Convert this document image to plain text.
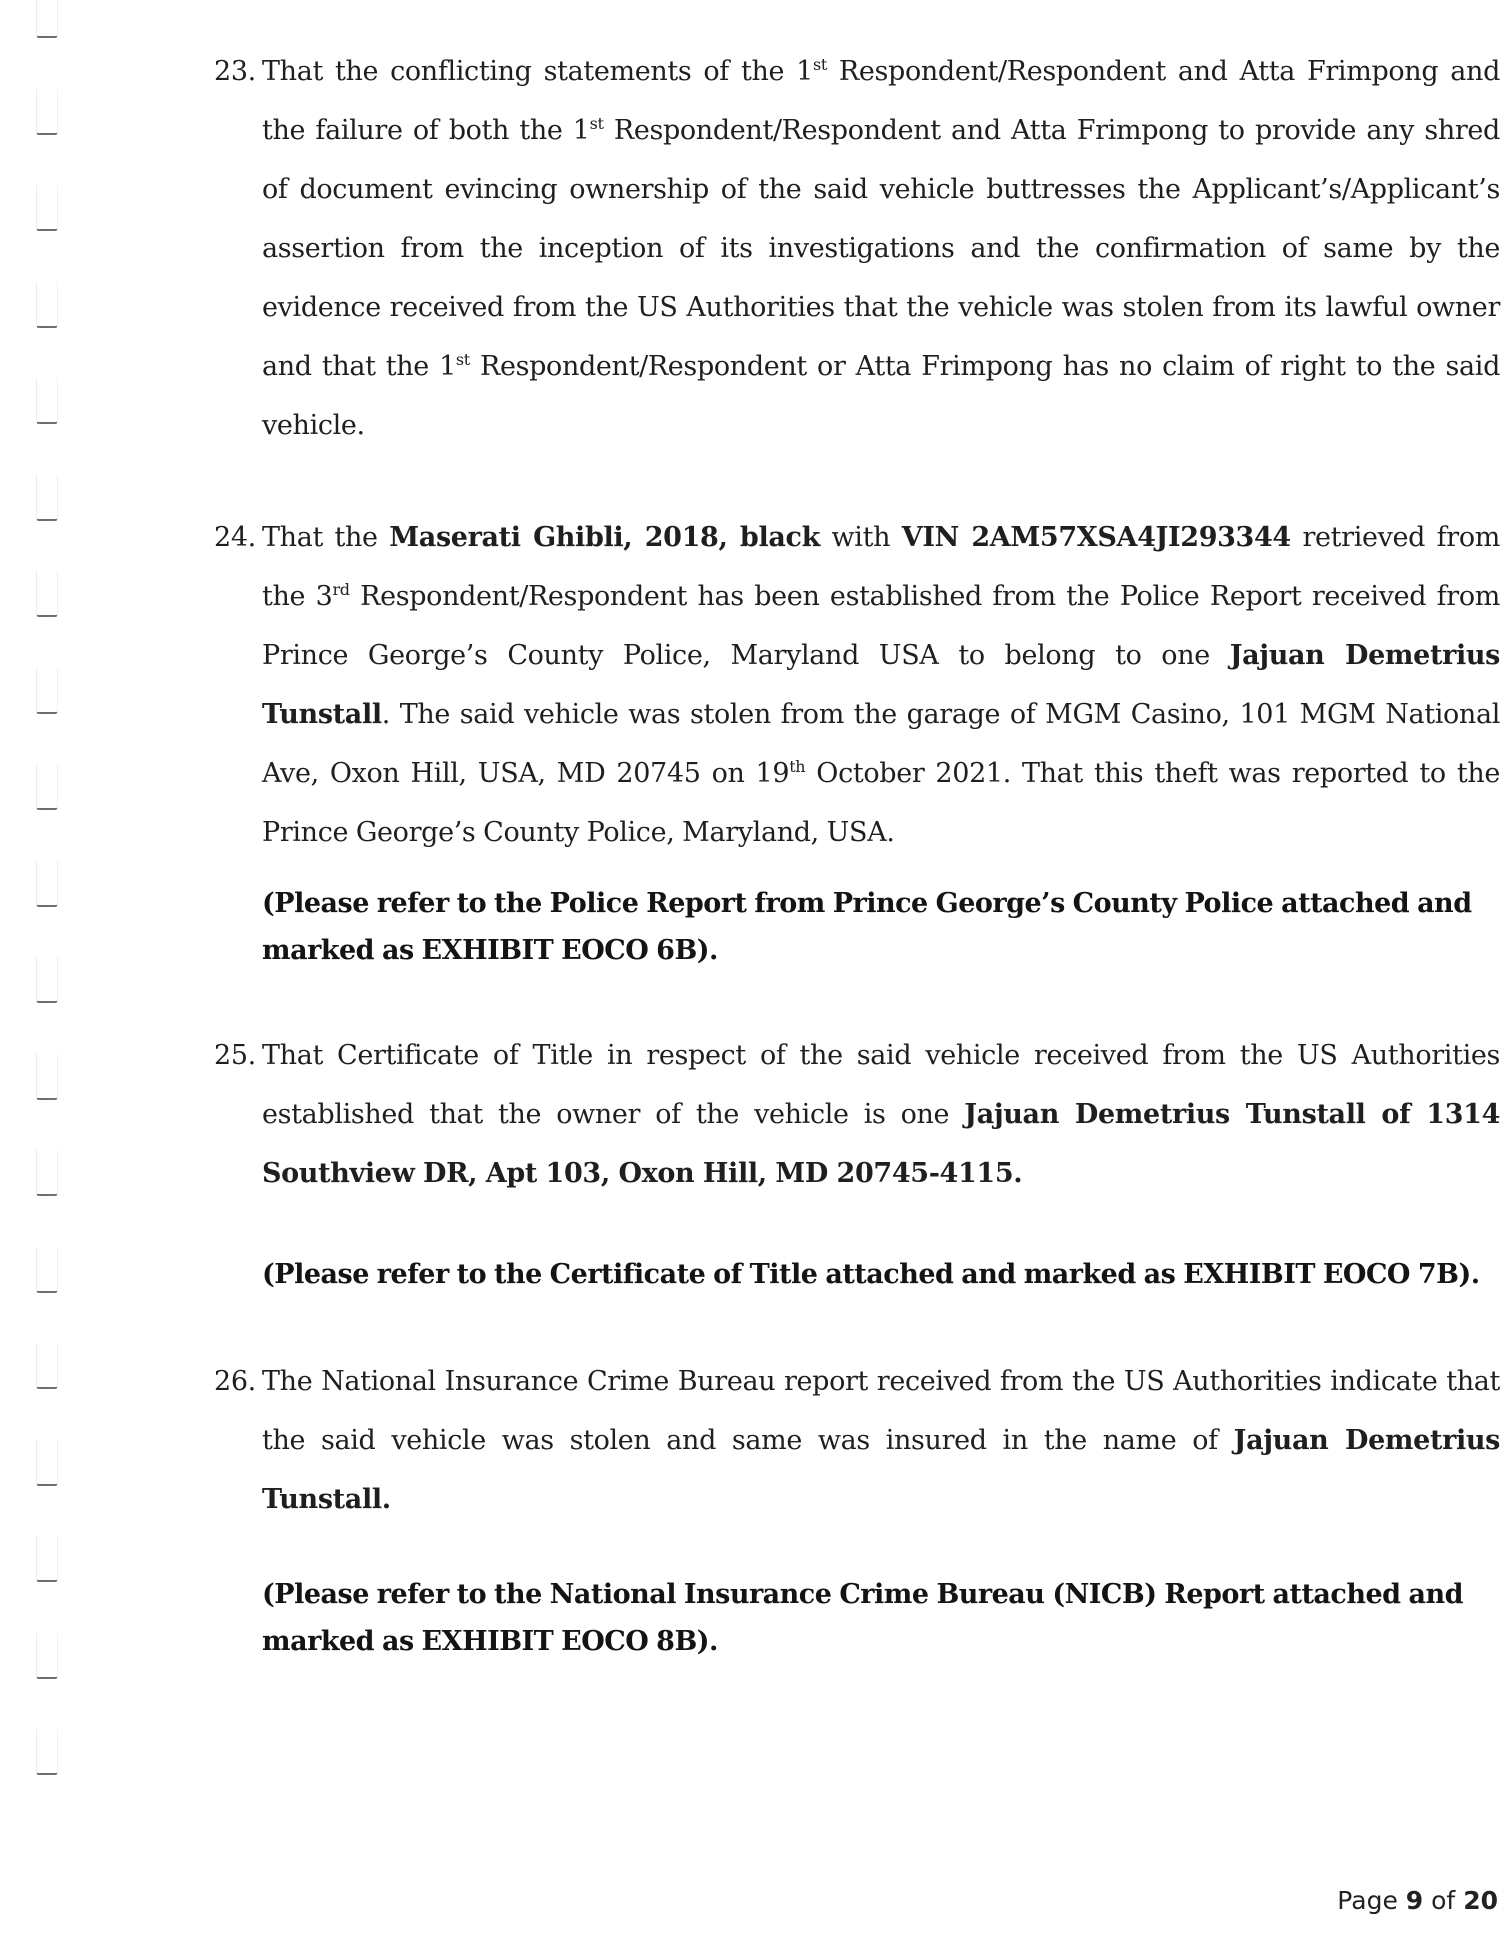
23. That the conflicting statements of the 1st Respondent/Respondent and Atta Frimpong and the failure of both the 1st Respondent/Respondent and Atta Frimpong to provide any shred of document evincing ownership of the said vehicle buttresses the Applicant’s/Applicant’s assertion from the inception of its investigations and the confirmation of same by the evidence received from the US Authorities that the vehicle was stolen from its lawful owner and that the 1st Respondent/Respondent or Atta Frimpong has no claim of right to the said vehicle.

24. That the Maserati Ghibli, 2018, black with VIN 2AM57XSA4JI293344 retrieved from the 3rd Respondent/Respondent has been established from the Police Report received from Prince George’s County Police, Maryland USA to belong to one Jajuan Demetrius Tunstall. The said vehicle was stolen from the garage of MGM Casino, 101 MGM National Ave, Oxon Hill, USA, MD 20745 on 19th October 2021. That this theft was reported to the Prince George’s County Police, Maryland, USA.

(Please refer to the Police Report from Prince George’s County Police attached and marked as EXHIBIT EOCO 6B).

25. That Certificate of Title in respect of the said vehicle received from the US Authorities established that the owner of the vehicle is one Jajuan Demetrius Tunstall of 1314 Southview DR, Apt 103, Oxon Hill, MD 20745-4115.

(Please refer to the Certificate of Title attached and marked as EXHIBIT EOCO 7B).

26. The National Insurance Crime Bureau report received from the US Authorities indicate that the said vehicle was stolen and same was insured in the name of Jajuan Demetrius Tunstall.

(Please refer to the National Insurance Crime Bureau (NICB) Report attached and marked as EXHIBIT EOCO 8B).

Page 9 of 20
